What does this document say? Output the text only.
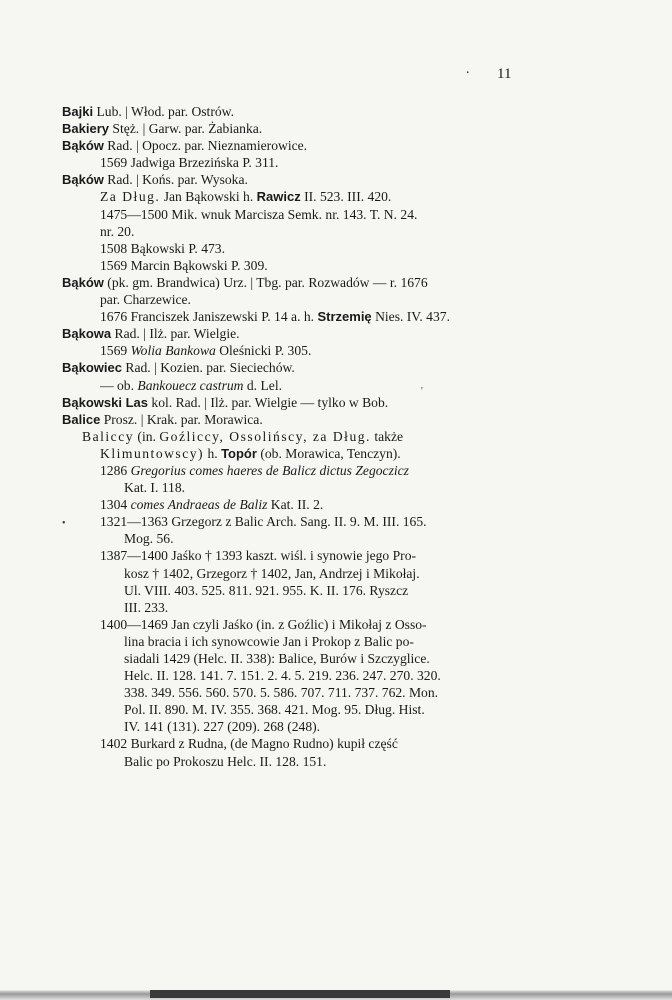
. 11
Bajki Lub. | Włod. par. Ostrów.
Bakiery Stęż. | Garw. par. Żabianka.
Bąków Rad. | Opocz. par. Nieznamierowice.
1569 Jadwiga Brzezińska P. 311.
Bąków Rad. | Końs. par. Wysoka.
Za Dług. Jan Bąkowski h. Rawicz II. 523. III. 420.
1475—1500 Mik. wnuk Marcisza Semk. nr. 143. T. N. 24.
nr. 20.
1508 Bąkowski P. 473.
1569 Marcin Bąkowski P. 309.
Bąków (pk. gm. Brandwica) Urz. | Tbg. par. Rozwadów — r. 1676
par. Charzewice.
1676 Franciszek Janiszewski P. 14 a. h. Strzemię Nies. IV. 437.
Bąkowa Rad. | Ilż. par. Wielgie.
1569 Wolia Bankowa Oleśnicki P. 305.
Bąkowiec Rad. | Kozien. par. Sieciechów.
— ob. Bankouecz castrum d. Lel.
Bąkowski Las kol. Rad. | Ilż. par. Wielgie — tylko w Bob.
Balice Prosz. | Krak. par. Morawica.
Baliccy (in. Goźliccy, Ossolińscy, za Dług. także
Klimuntowscy) h. Topór (ob. Morawica, Tenczyn).
1286 Gregorius comes haeres de Balicz dictus Zegoczicz
Kat. I. 118.
1304 comes Andraeas de Baliz Kat. II. 2.
1321—1363 Grzegorz z Balic Arch. Sang. II. 9. M. III. 165.
Mog. 56.
1387—1400 Jaśko † 1393 kaszt. wiśl. i synowie jego Pro-
kosz † 1402, Grzegorz † 1402, Jan, Andrzej i Mikołaj.
Ul. VIII. 403. 525. 811. 921. 955. K. II. 176. Ryszcz
III. 233.
1400—1469 Jan czyli Jaśko (in. z Goźlic) i Mikołaj z Osso-
lina bracia i ich synowcowie Jan i Prokop z Balic po-
siadali 1429 (Helc. II. 338): Balice, Burów i Szczyglice.
Helc. II. 128. 141. 7. 151. 2. 4. 5. 219. 236. 247. 270. 320.
338. 349. 556. 560. 570. 5. 586. 707. 711. 737. 762. Mon.
Pol. II. 890. M. IV. 355. 368. 421. Mog. 95. Dług. Hist.
IV. 141 (131). 227 (209). 268 (248).
1402 Burkard z Rudna, (de Magno Rudno) kupił część
Balic po Prokoszu Helc. II. 128. 151.
'
•
